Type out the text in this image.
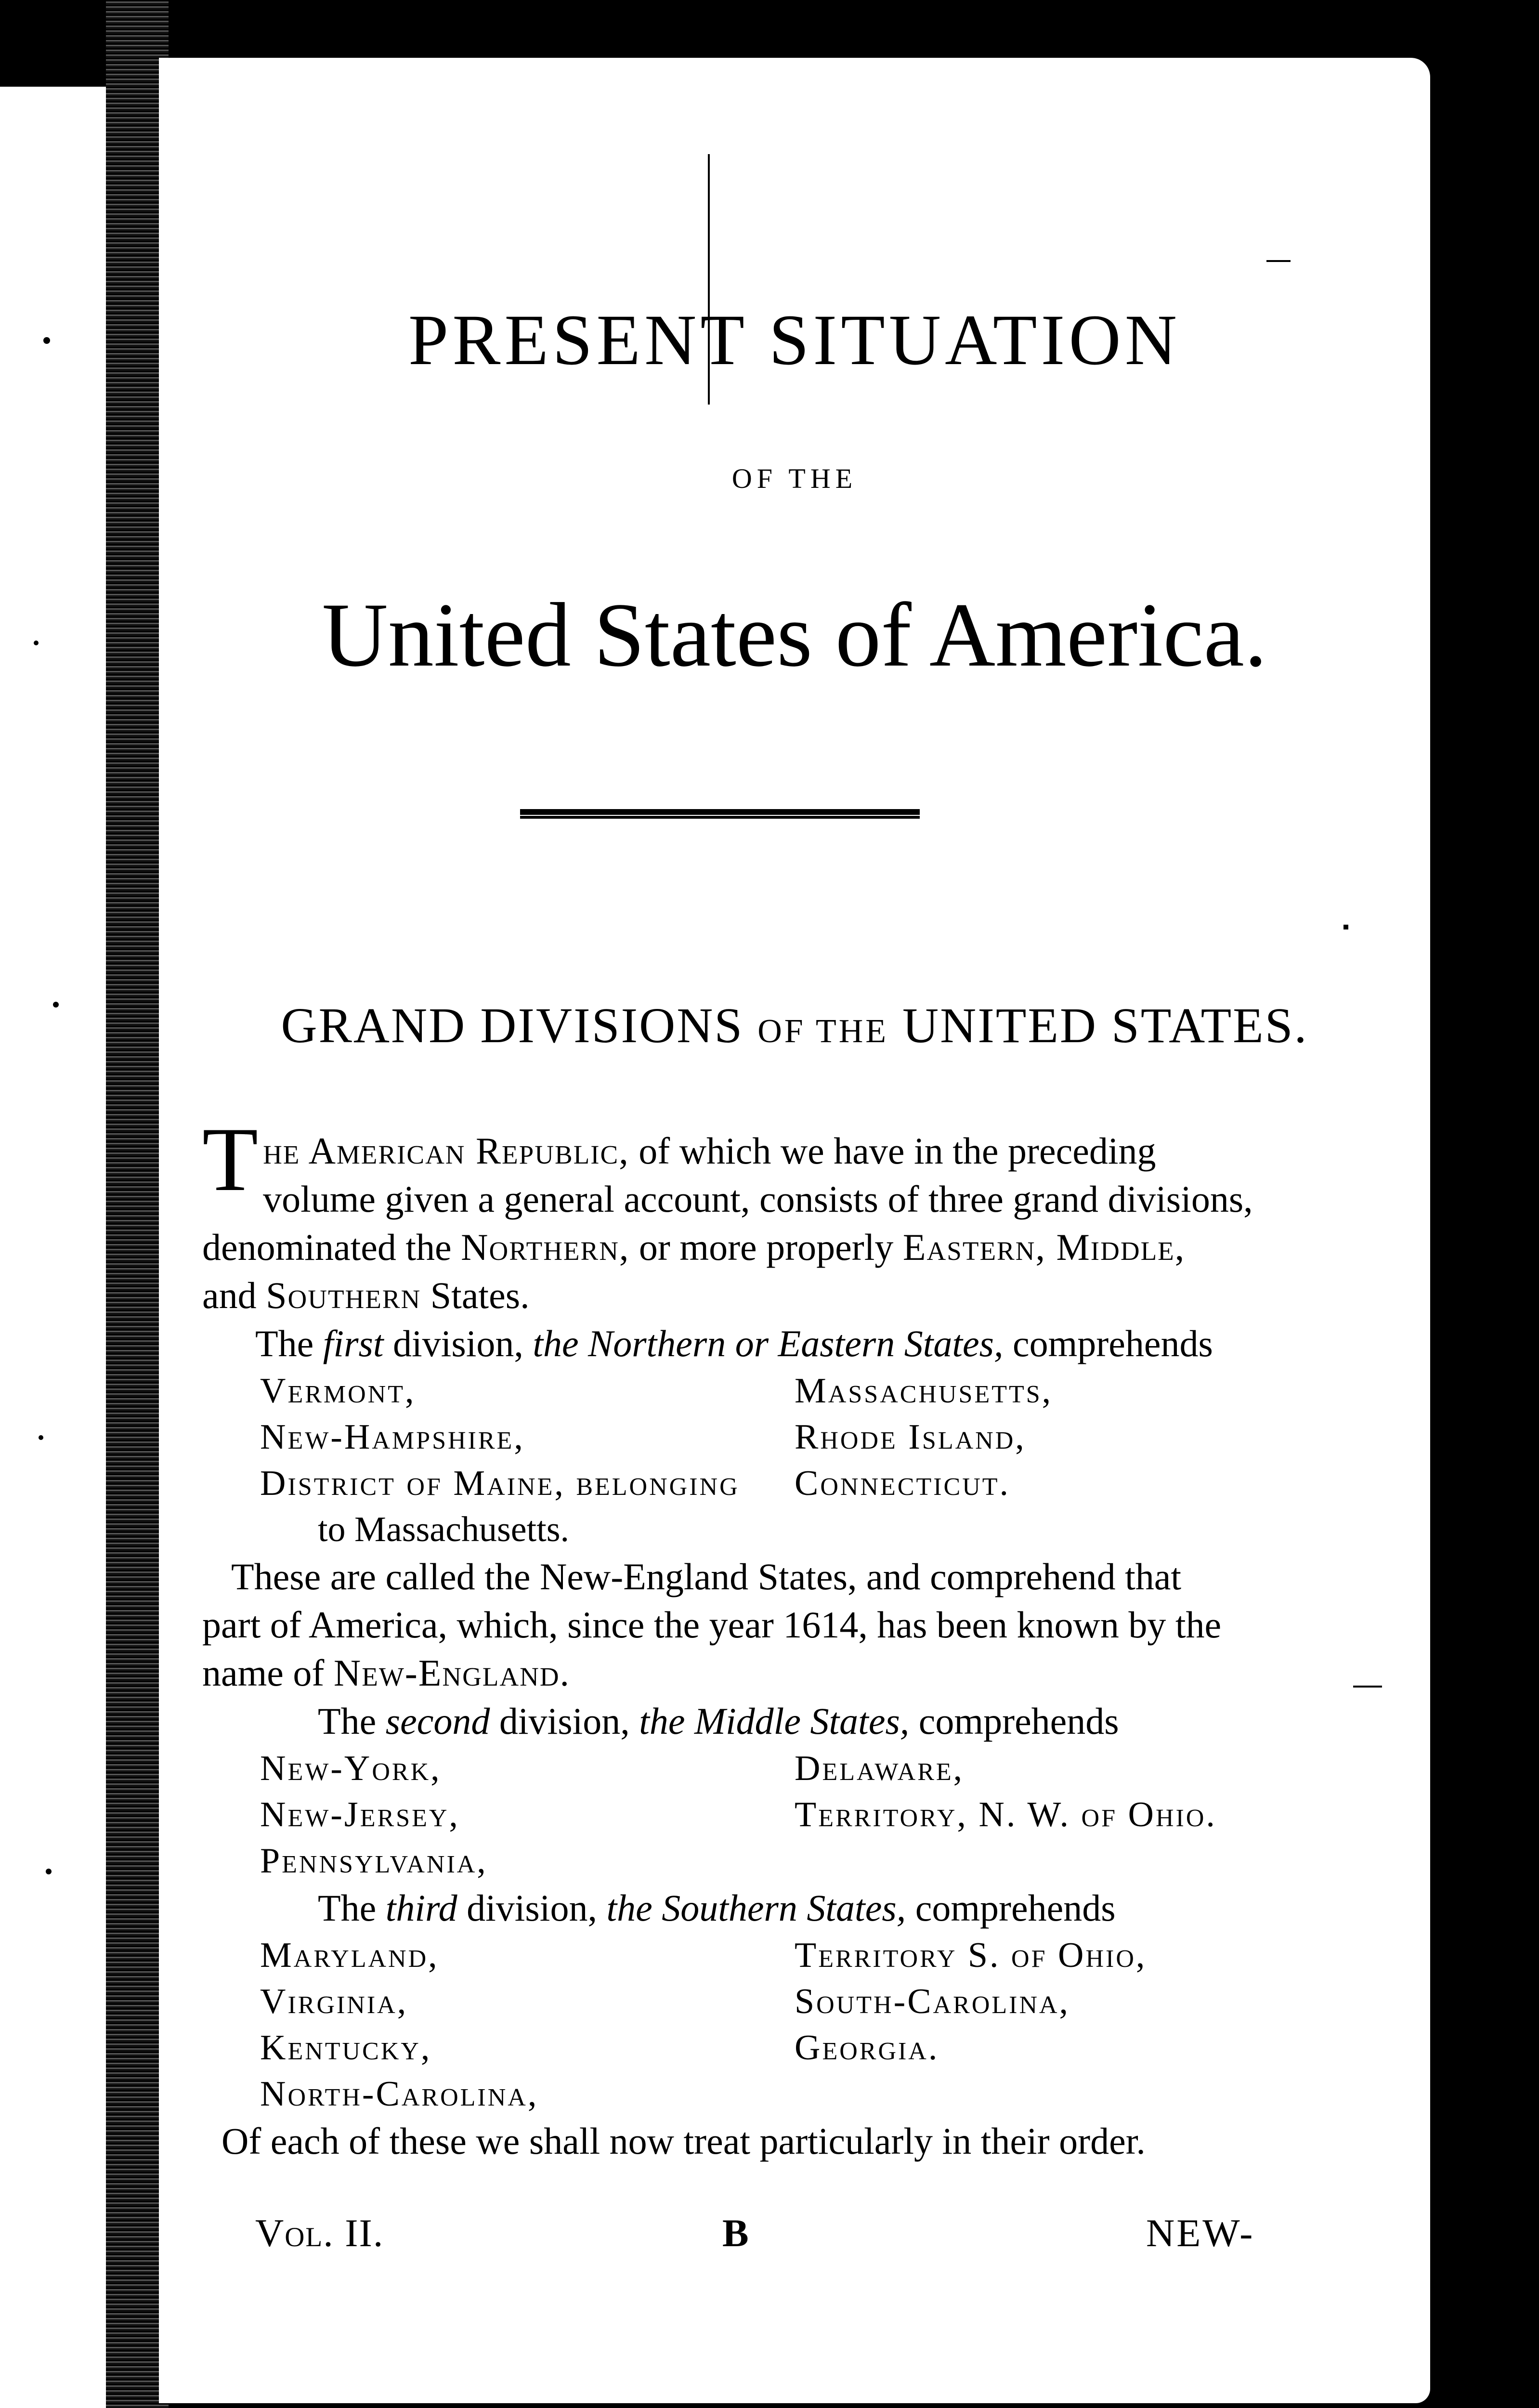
PRESENT SITUATION
OF THE
United States of America.
GRAND DIVISIONS OF THE UNITED STATES.

The American Republic, of which we have in the preceding
volume given a general account, consists of three grand divisions,
denominated the Northern, or more properly Eastern, Middle,
and Southern States.

The first division, the Northern or Eastern States, comprehends

Vermont,	Massachusetts,
New-Hampshire,	Rhode Island,
District of Maine, belonging	Connecticut.
to Massachusetts.

These are called the New-England States, and comprehend that
part of America, which, since the year 1614, has been known by the
name of New-England.

The second division, the Middle States, comprehends

New-York,	Delaware,
New-Jersey,	Territory, N. W. of Ohio.
Pennsylvania,

The third division, the Southern States, comprehends

Maryland,	Territory S. of Ohio,
Virginia,	South-Carolina,
Kentucky,	Georgia.
North-Carolina,

Of each of these we shall now treat particularly in their order.

Vol. II.	B	NEW-
